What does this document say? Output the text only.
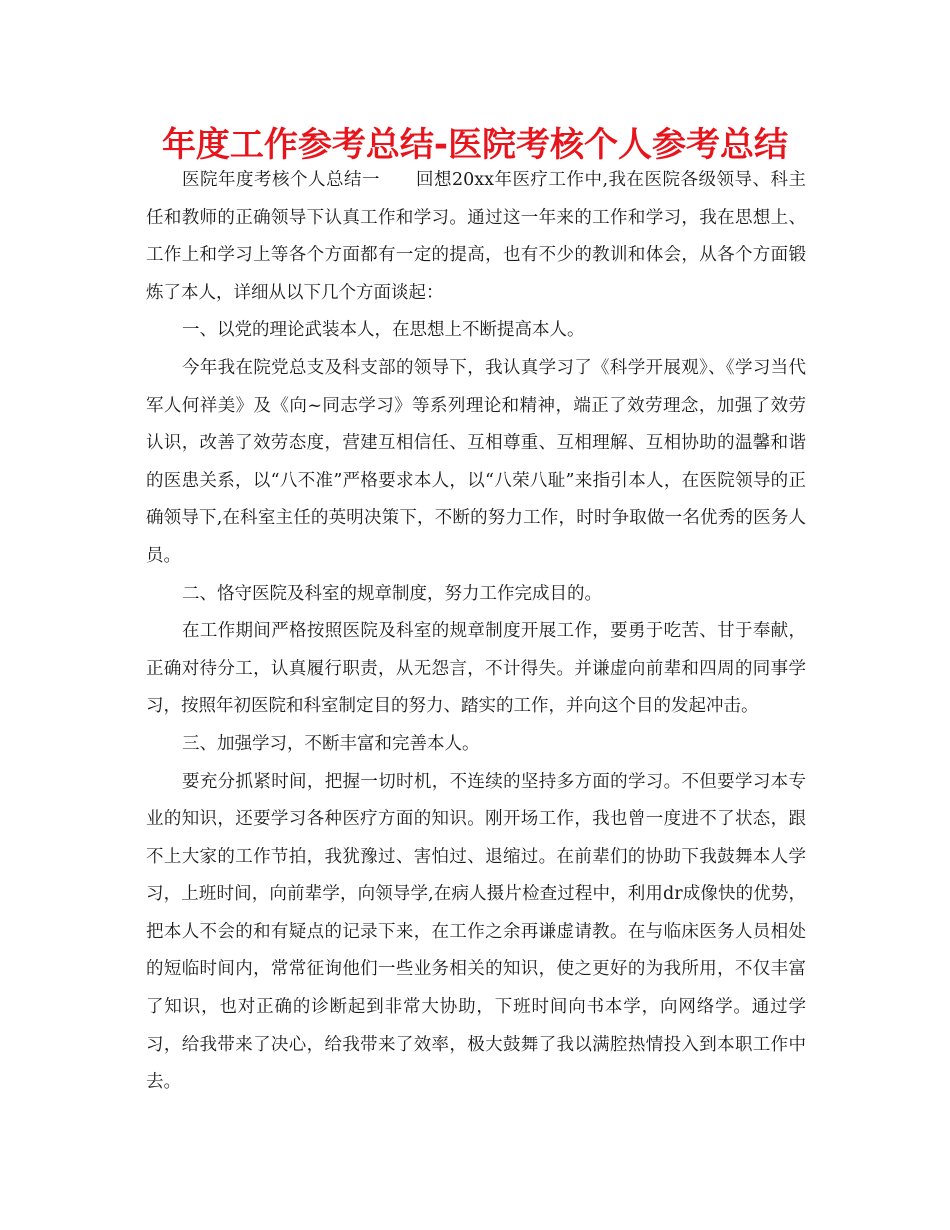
年度工作参考总结-医院考核个人参考总结

医院年度考核个人总结一　　回想20xx年医疗工作中,我在医院各级领导、科主任和教师的正确领导下认真工作和学习。通过这一年来的工作和学习，我在思想上、工作上和学习上等各个方面都有一定的提高，也有不少的教训和体会，从各个方面锻炼了本人，详细从以下几个方面谈起：

一、以党的理论武装本人，在思想上不断提高本人。

今年我在院党总支及科支部的领导下，我认真学习了《科学开展观》、《学习当代军人何祥美》及《向~同志学习》等系列理论和精神，端正了效劳理念，加强了效劳认识，改善了效劳态度，营建互相信任、互相尊重、互相理解、互相协助的温馨和谐的医患关系，以“八不准”严格要求本人，以“八荣八耻”来指引本人，在医院领导的正确领导下,在科室主任的英明决策下，不断的努力工作，时时争取做一名优秀的医务人员。

二、恪守医院及科室的规章制度，努力工作完成目的。

在工作期间严格按照医院及科室的规章制度开展工作，要勇于吃苦、甘于奉献，正确对待分工，认真履行职责，从无怨言，不计得失。并谦虚向前辈和四周的同事学习，按照年初医院和科室制定目的努力、踏实的工作，并向这个目的发起冲击。

三、加强学习，不断丰富和完善本人。

要充分抓紧时间，把握一切时机，不连续的坚持多方面的学习。不但要学习本专业的知识，还要学习各种医疗方面的知识。刚开场工作，我也曾一度进不了状态，跟不上大家的工作节拍，我犹豫过、害怕过、退缩过。在前辈们的协助下我鼓舞本人学习，上班时间，向前辈学，向领导学,在病人摄片检查过程中，利用dr成像快的优势，把本人不会的和有疑点的记录下来，在工作之余再谦虚请教。在与临床医务人员相处的短临时间内，常常征询他们一些业务相关的知识，使之更好的为我所用，不仅丰富了知识，也对正确的诊断起到非常大协助，下班时间向书本学，向网络学。通过学习，给我带来了决心，给我带来了效率，极大鼓舞了我以满腔热情投入到本职工作中去。
